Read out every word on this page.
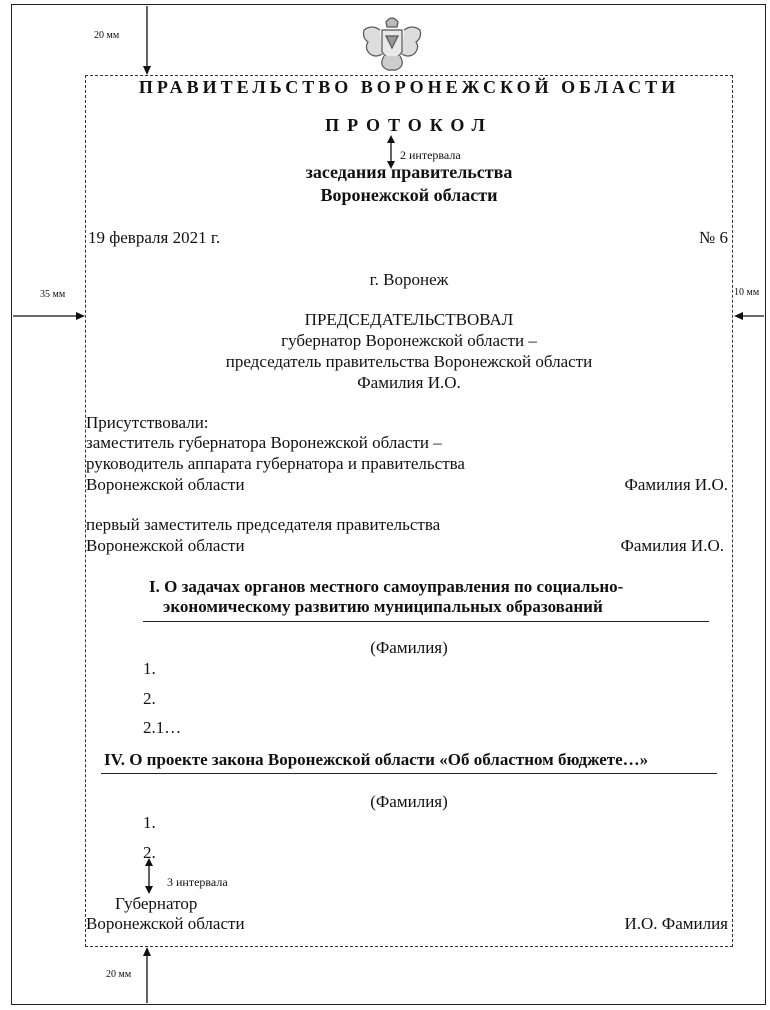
20 мм
35 мм	10 мм
20 мм
ПРАВИТЕЛЬСТВО ВОРОНЕЖСКОЙ ОБЛАСТИ
ПРОТОКОЛ
2 интервала
заседания правительства
Воронежской области
19 февраля 2021 г.	№ 6
г. Воронеж
ПРЕДСЕДАТЕЛЬСТВОВАЛ
губернатор Воронежской области –
председатель правительства Воронежской области
Фамилия И.О.
Присутствовали:
заместитель губернатора Воронежской области –
руководитель аппарата губернатора и правительства
Воронежской области	Фамилия И.О.
первый заместитель председателя правительства
Воронежской области	Фамилия И.О.
I. О задачах органов местного самоуправления по социально-
экономическому развитию муниципальных образований
(Фамилия)
1.
2.
2.1…
IV. О проекте закона Воронежской области «Об областном бюджете…»
(Фамилия)
1.
2.
3 интервала
Губернатор
Воронежской области	И.О. Фамилия
